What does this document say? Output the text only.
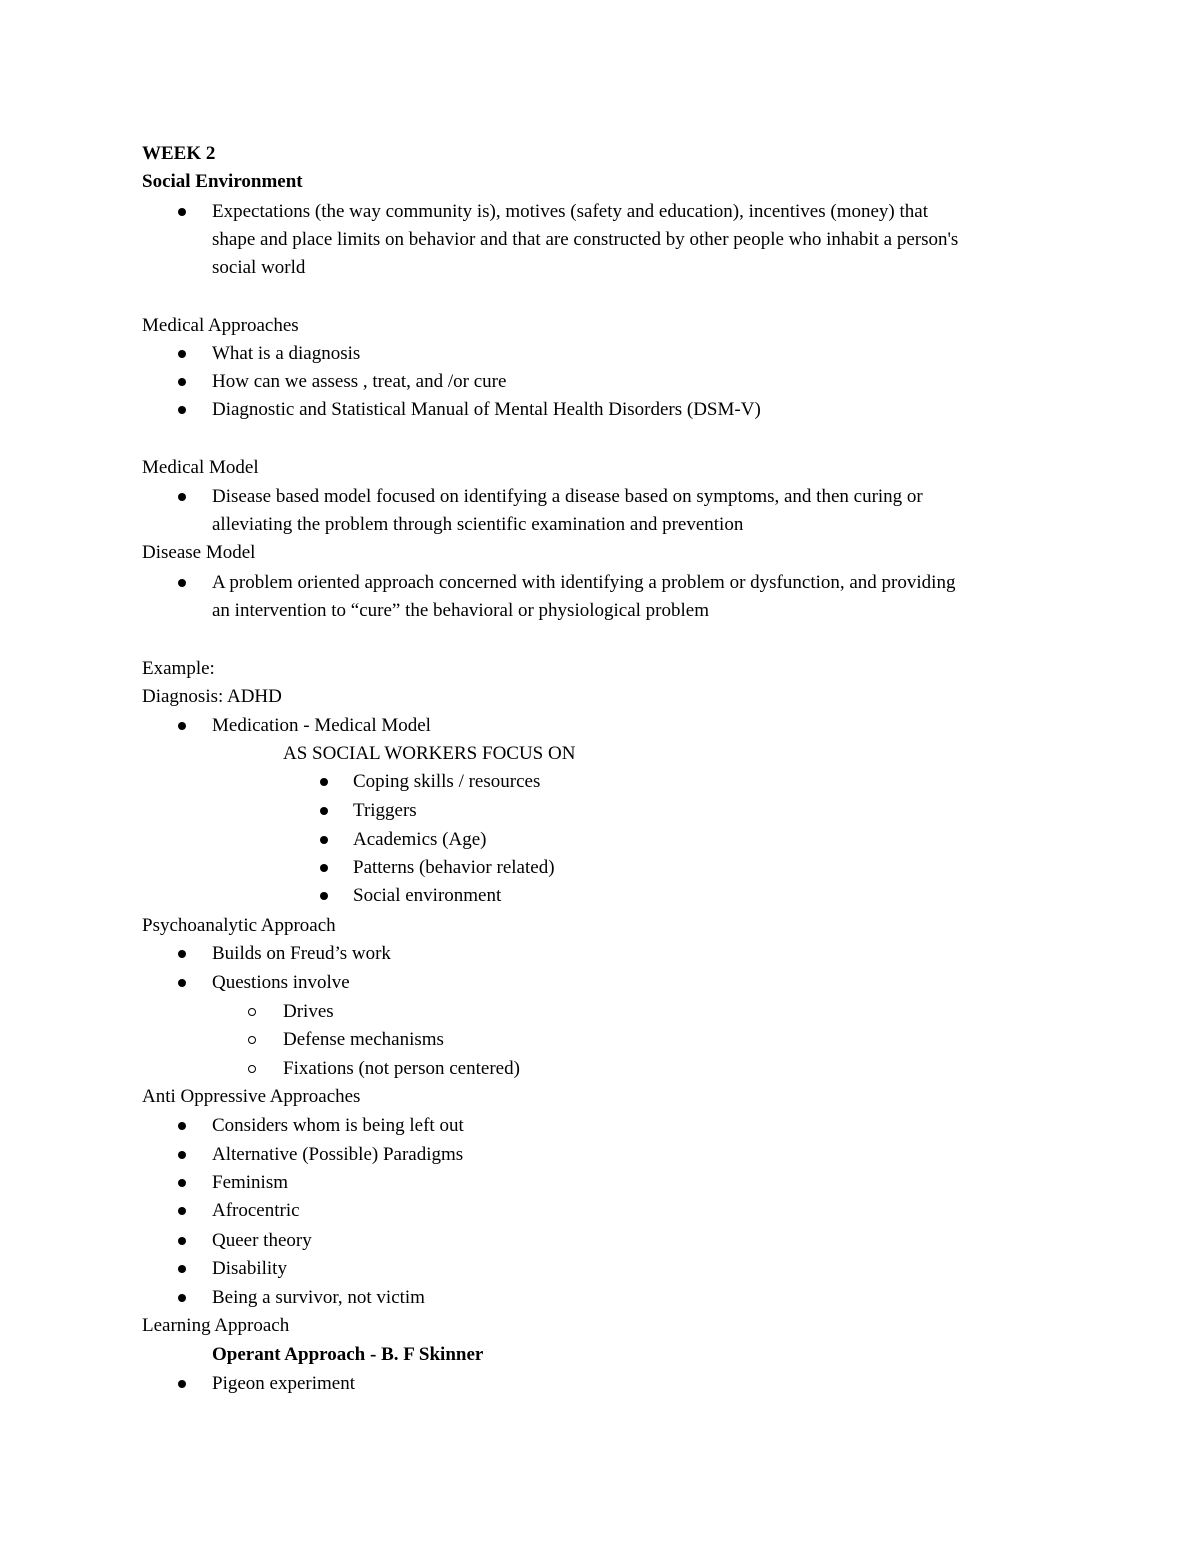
WEEK 2
Social Environment
Expectations (the way community is), motives (safety and education), incentives (money) that
shape and place limits on behavior and that are constructed by other people who inhabit a person's
social world
Medical Approaches
What is a diagnosis
How can we assess , treat, and /or cure
Diagnostic and Statistical Manual of Mental Health Disorders (DSM-V)
Medical Model
Disease based model focused on identifying a disease based on symptoms, and then curing or
alleviating the problem through scientific examination and prevention
Disease Model
A problem oriented approach concerned with identifying a problem or dysfunction, and providing
an intervention to “cure” the behavioral or physiological problem
Example:
Diagnosis: ADHD
Medication - Medical Model
AS SOCIAL WORKERS FOCUS ON
Coping skills / resources
Triggers
Academics (Age)
Patterns (behavior related)
Social environment
Psychoanalytic Approach
Builds on Freud’s work
Questions involve
Drives
Defense mechanisms
Fixations (not person centered)
Anti Oppressive Approaches
Considers whom is being left out
Alternative (Possible) Paradigms
Feminism
Afrocentric
Queer theory
Disability
Being a survivor, not victim
Learning Approach
Operant Approach - B. F Skinner
Pigeon experiment
